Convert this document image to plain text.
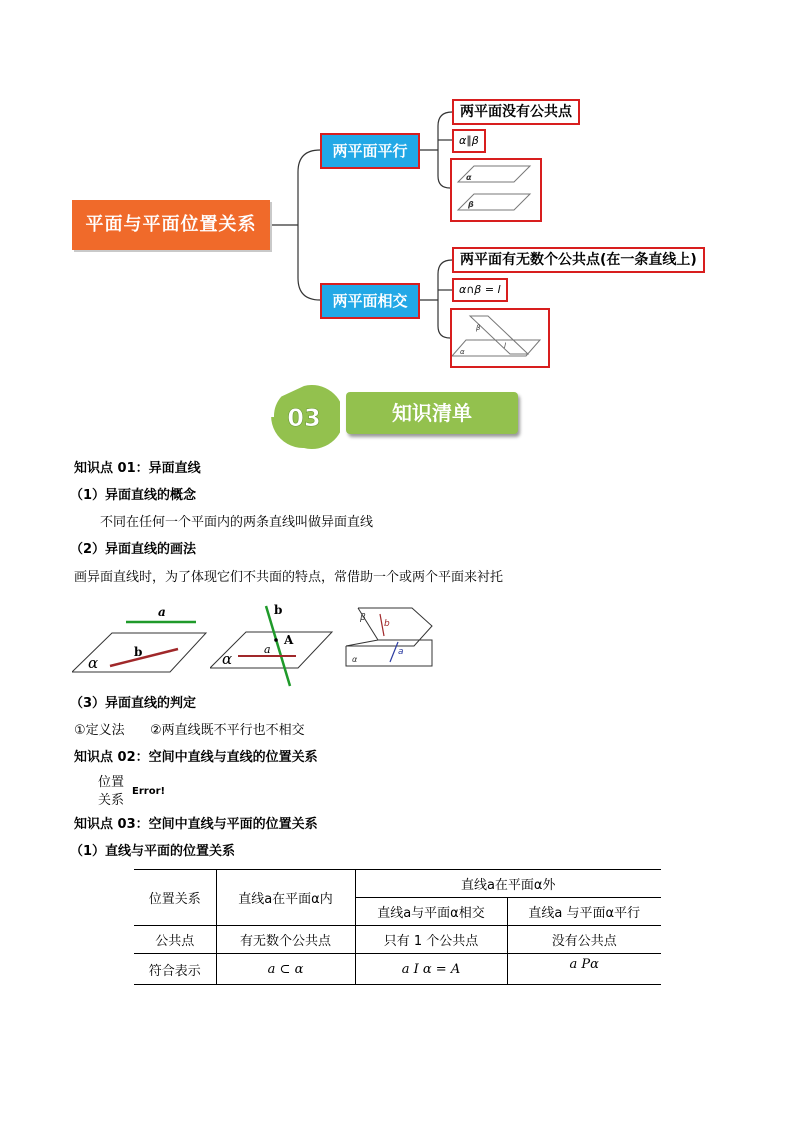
平面与平面位置关系
两平面平行
两平面相交
两平面没有公共点
α∥β
α
β
两平面有无数个公共点(在一条直线上)
α∩β = l
α
β
l
03	知识清单
知识点 01：异面直线
（1）异面直线的概念
不同在任何一个平面内的两条直线叫做异面直线
（2）异面直线的画法
画异面直线时，为了体现它们不共面的特点，常借助一个或两个平面来衬托
a
b
α
b
A
a
α
β
b
α
a
（3）异面直线的判定
①定义法 ②两直线既不平行也不相交
知识点 02：空间中直线与直线的位置关系
位置
关系
Error!
知识点 03：空间中直线与平面的位置关系
（1）直线与平面的位置关系
位置关系	直线a在平面α内	直线a在平面α外	
		直线a与平面α相交	直线a 与平面α平行
公共点	有无数个公共点	只有 1 个公共点	没有公共点
符合表示	a ⊂ α	a I α = A	a Pα
